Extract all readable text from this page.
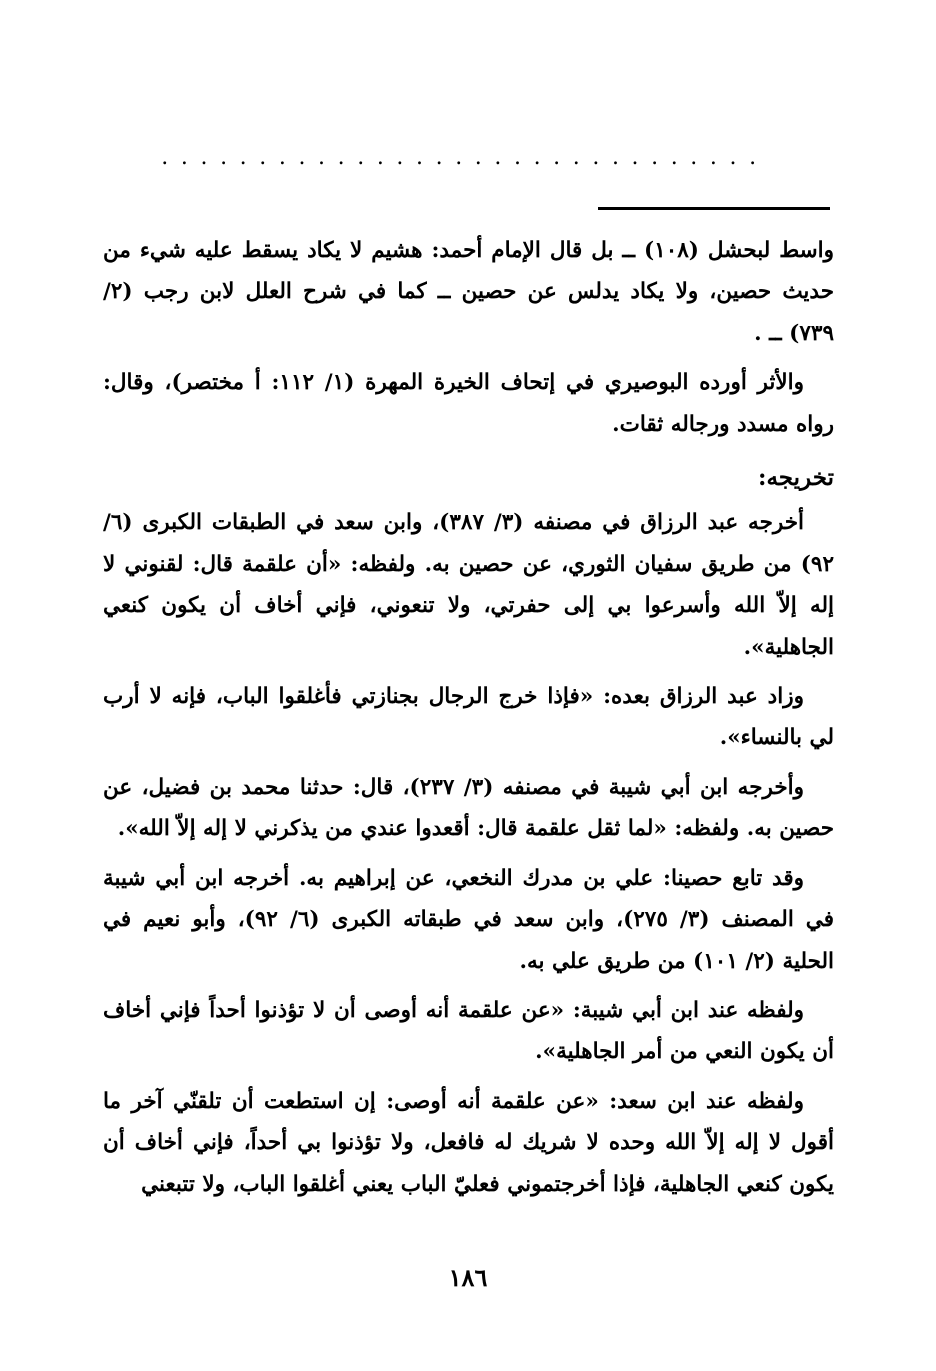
...............................

واسط لبحشل (١٠٨) ــ بل قال الإمام أحمد: هشيم لا يكاد يسقط عليه شيء من حديث حصين، ولا يكاد يدلس عن حصين ــ كما في شرح العلل لابن رجب (٢/ ٧٣٩) ــ .

والأثر أورده البوصيري في إتحاف الخيرة المهرة (١/ ١١٢: أ مختصر)، وقال: رواه مسدد ورجاله ثقات.

تخريجه:

أخرجه عبد الرزاق في مصنفه (٣/ ٣٨٧)، وابن سعد في الطبقات الكبرى (٦/ ٩٢) من طريق سفيان الثوري، عن حصين به. ولفظه: «أن علقمة قال: لقنوني لا إله إلاّ الله وأسرعوا بي إلى حفرتي، ولا تنعوني، فإني أخاف أن يكون كنعي الجاهلية».

وزاد عبد الرزاق بعده: «فإذا خرج الرجال بجنازتي فأغلقوا الباب، فإنه لا أرب لي بالنساء».

وأخرجه ابن أبي شيبة في مصنفه (٣/ ٢٣٧)، قال: حدثنا محمد بن فضيل، عن حصين به. ولفظه: «لما ثقل علقمة قال: أقعدوا عندي من يذكرني لا إله إلاّ الله».

وقد تابع حصينا: علي بن مدرك النخعي، عن إبراهيم به. أخرجه ابن أبي شيبة في المصنف (٣/ ٢٧٥)، وابن سعد في طبقاته الكبرى (٦/ ٩٢)، وأبو نعيم في الحلية (٢/ ١٠١) من طريق علي به.

ولفظه عند ابن أبي شيبة: «عن علقمة أنه أوصى أن لا تؤذنوا أحداً فإني أخاف أن يكون النعي من أمر الجاهلية».

ولفظه عند ابن سعد: «عن علقمة أنه أوصى: إن استطعت أن تلقنّي آخر ما أقول لا إله إلاّ الله وحده لا شريك له فافعل، ولا تؤذنوا بي أحداً، فإني أخاف أن يكون كنعي الجاهلية، فإذا أخرجتموني فعليّ الباب يعني أغلقوا الباب، ولا تتبعني

١٨٦
